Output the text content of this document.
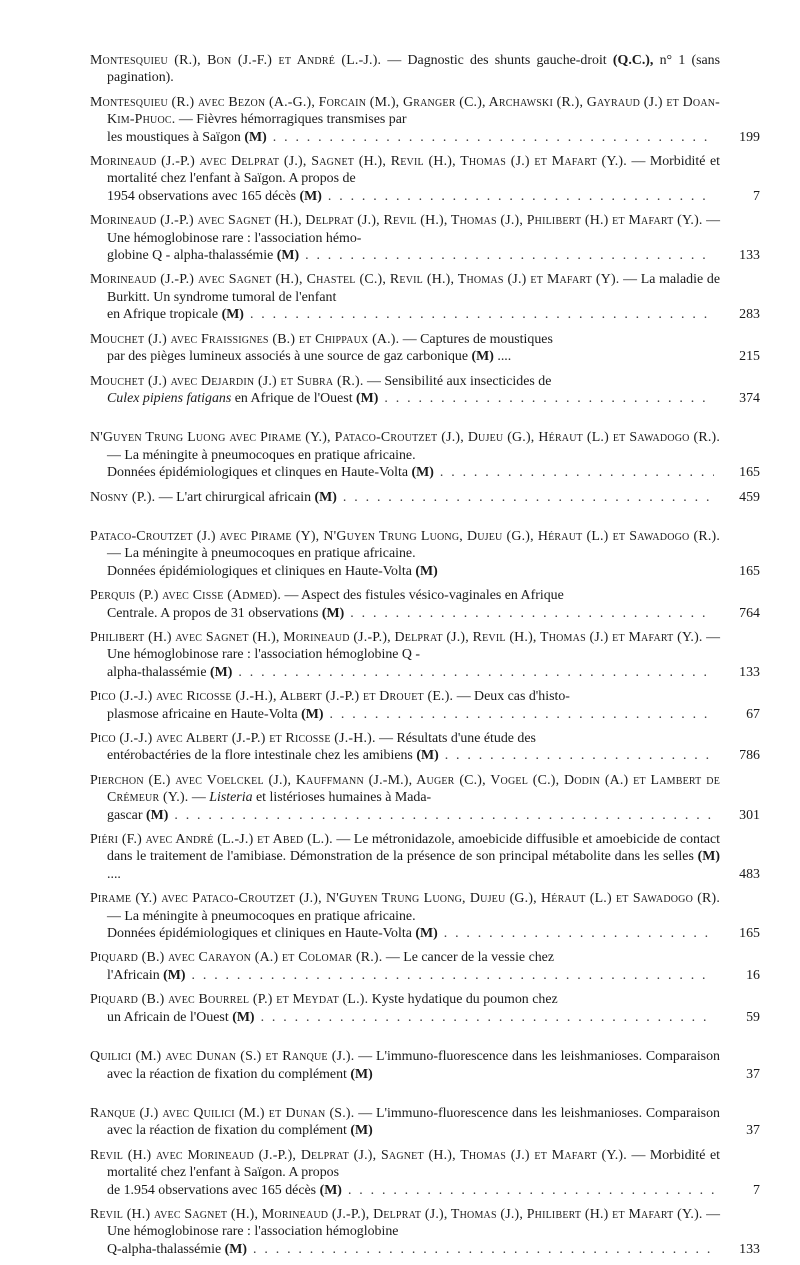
Montesquieu (R.), Bon (J.-F.) et André (L.-J.). — Dagnostic des shunts gauche-droit (Q.C.), n° 1 (sans pagination).
Montesquieu (R.) avec Bezon (A.-G.), Forcain (M.), Granger (C.), Archawski (R.), Gayraud (J.) et Doan-Kim-Phuoc. — Fièvres hémorragiques transmises par
les moustiques à Saïgon (M) . . .	199
Morineaud (J.-P.) avec Delprat (J.), Sagnet (H.), Revil (H.), Thomas (J.) et Mafart (Y.). — Morbidité et mortalité chez l'enfant à Saïgon. A propos de
1954 observations avec 165 décès (M) . . .	7
Morineaud (J.-P.) avec Sagnet (H.), Delprat (J.), Revil (H.), Thomas (J.), Philibert (H.) et Mafart (Y.). — Une hémoglobinose rare : l'association hémo-
globine Q - alpha-thalassémie (M) . . .	133
Morineaud (J.-P.) avec Sagnet (H.), Chastel (C.), Revil (H.), Thomas (J.) et Mafart (Y). — La maladie de Burkitt. Un syndrome tumoral de l'enfant
en Afrique tropicale (M) . . .	283
Mouchet (J.) avec Fraissignes (B.) et Chippaux (A.). — Captures de moustiques
par des pièges lumineux associés à une source de gaz carbonique (M) ....	215
Mouchet (J.) avec Dejardin (J.) et Subra (R.). — Sensibilité aux insecticides de
Culex pipiens fatigans en Afrique de l'Ouest (M) . . .	374
N'Guyen Trung Luong avec Pirame (Y.), Pataco-Croutzet (J.), Dujeu (G.), Héraut (L.) et Sawadogo (R.). — La méningite à pneumocoques en pratique africaine.
Données épidémiologiques et clinques en Haute-Volta (M) . . .	165
Nosny (P.). — L'art chirurgical africain (M) . . .	459
Pataco-Croutzet (J.) avec Pirame (Y), N'Guyen Trung Luong, Dujeu (G.), Héraut (L.) et Sawadogo (R.). — La méningite à pneumocoques en pratique africaine.
Données épidémiologiques et cliniques en Haute-Volta (M)	165
Perquis (P.) avec Cisse (Admed). — Aspect des fistules vésico-vaginales en Afrique
Centrale. A propos de 31 observations (M) . . .	764
Philibert (H.) avec Sagnet (H.), Morineaud (J.-P.), Delprat (J.), Revil (H.), Thomas (J.) et Mafart (Y.). — Une hémoglobinose rare : l'association hémoglobine Q -
alpha-thalassémie (M) . . .	133
Pico (J.-J.) avec Ricosse (J.-H.), Albert (J.-P.) et Drouet (E.). — Deux cas d'histo-
plasmose africaine en Haute-Volta (M) . . .	67
Pico (J.-J.) avec Albert (J.-P.) et Ricosse (J.-H.). — Résultats d'une étude des
entérobactéries de la flore intestinale chez les amibiens (M) . . .	786
Pierchon (E.) avec Voelckel (J.), Kauffmann (J.-M.), Auger (C.), Vogel (C.), Dodin (A.) et Lambert de Crémeur (Y.). — Listeria et listérioses humaines à Mada-
gascar (M) . . .	301
Piéri (F.) avec André (L.-J.) et Abed (L.). — Le métronidazole, amoebicide diffusible et amoebicide de contact dans le traitement de l'amibiase. Démonstration de la présence de son principal métabolite dans les selles (M) ....	483
Pirame (Y.) avec Pataco-Croutzet (J.), N'Guyen Trung Luong, Dujeu (G.), Héraut (L.) et Sawadogo (R). — La méningite à pneumocoques en pratique africaine.
Données épidémiologiques et cliniques en Haute-Volta (M) . . .	165
Piquard (B.) avec Carayon (A.) et Colomar (R.). — Le cancer de la vessie chez
l'Africain (M) . . .	16
Piquard (B.) avec Bourrel (P.) et Meydat (L.). Kyste hydatique du poumon chez
un Africain de l'Ouest (M) . . .	59
Quilici (M.) avec Dunan (S.) et Ranque (J.). — L'immuno-fluorescence dans les leishmanioses. Comparaison avec la réaction de fixation du complément (M)	37
Ranque (J.) avec Quilici (M.) et Dunan (S.). — L'immuno-fluorescence dans les leishmanioses. Comparaison avec la réaction de fixation du complément (M)	37
Revil (H.) avec Morineaud (J.-P.), Delprat (J.), Sagnet (H.), Thomas (J.) et Mafart (Y.). — Morbidité et mortalité chez l'enfant à Saïgon. A propos
de 1.954 observations avec 165 décès (M) . . .	7
Revil (H.) avec Sagnet (H.), Morineaud (J.-P.), Delprat (J.), Thomas (J.), Philibert (H.) et Mafart (Y.). — Une hémoglobinose rare : l'association hémoglobine
Q-alpha-thalassémie (M) . . .	133
